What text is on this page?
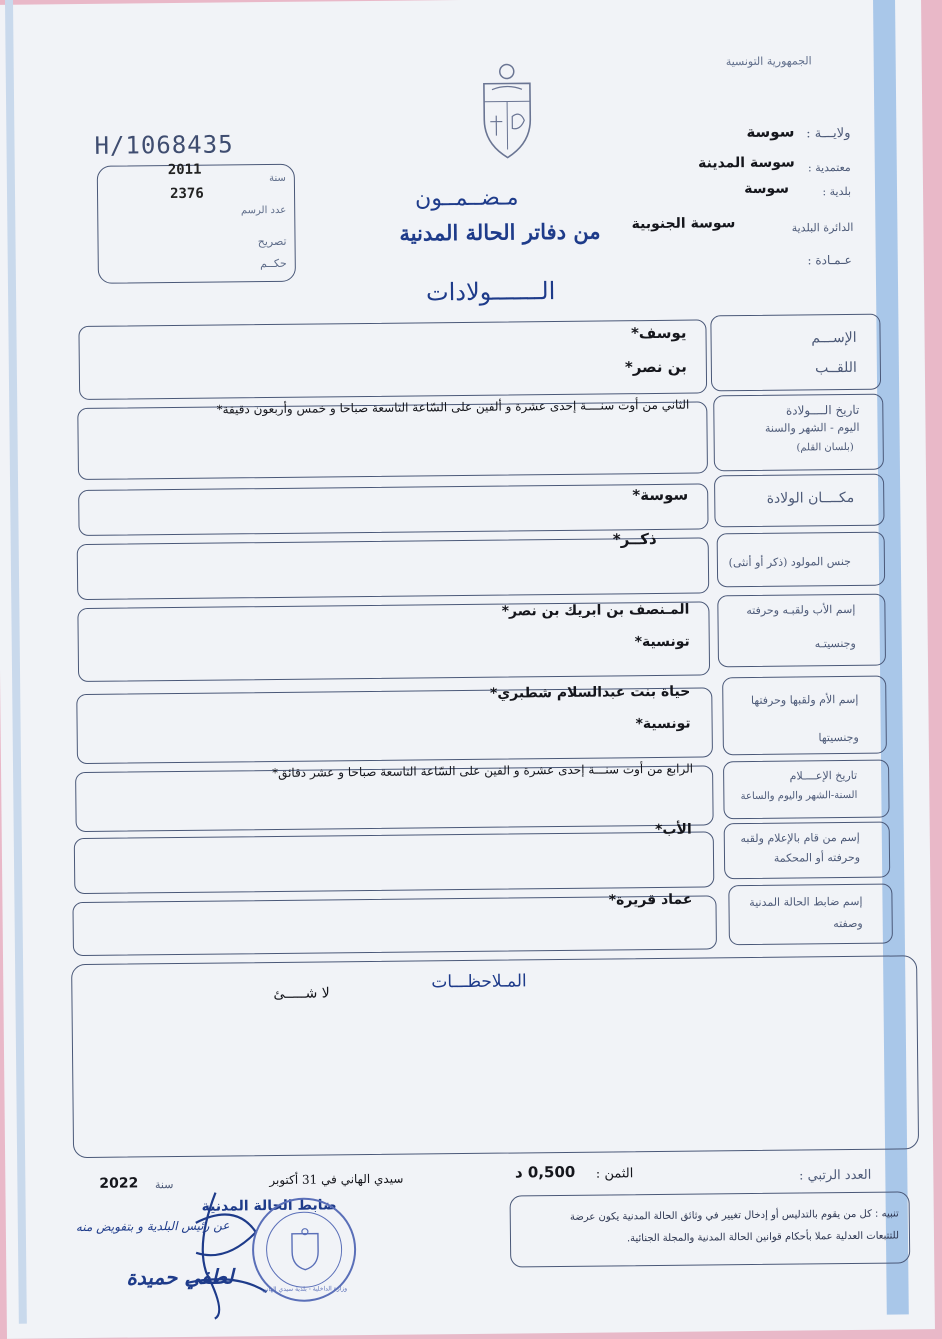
الجمهورية التونسية
H/1068435
2011
سنة
2376
عدد الرسم
تصريح
حكــم
ولايـــة :
سوسة
معتمدية :
سوسة المدينة
بلدية :
سوسة
الدائرة البلدية
سوسة الجنوبية
عـمـادة :
مـضــمــون
من دفاتر الحالة المدنية
الـــــــولادات
الإســـم
اللقــب
يوسف*
بن نصر*
تاريخ الــــولادة
اليوم - الشهر والسنة
(بلسان القلم)
الثاني من أوت سنــــة إحدى عشرة و ألفين على السّاعة التاسعة صباحا و خمس وأربعون دقيقة*
مكــــان الولادة
سوسة*
جنس المولود (ذكر أو أنثى)
ذكــر*
إسم الأب ولقبـه وحرفته
وجنسيتـه
المـنصف بن ابريك بن نصر*
تونسية*
إسم الأم ولقبها وحرفتها
وجنسيتها
حياة بنت عبدالسلام شطبري*
تونسية*
تاريخ الإعــــلام
السنة-الشهر واليوم والساعة
الرابع من أوت سنـــة إحدى عشرة و الفين على السّاعة التاسعة صباحا و عشر دقائق*
إسم من قام بالإعلام ولقبه
وحرفته أو المحكمة
الأب*
إسم ضابط الحالة المدنية
وصفته
عماد قريرة*
المـلاحظـــات
لا شـــــئ
العدد الرتبي :
الثمن :
0,500 د
سيدي الهاني في 31 أكتوبر
سنة
2022
ضابط الحالة المدنية
عن رئيس البلدية و بتفويض منه
لطفي حميدة	وزارة الداخلية - بلدية سيدي الهاني
تنبيه : كل من يقوم بالتدليس أو إدخال تغيير في وثائق الحالة المدنية يكون عرضة
للتتبعات العدلية عملا بأحكام قوانين الحالة المدنية والمجلة الجنائية.
